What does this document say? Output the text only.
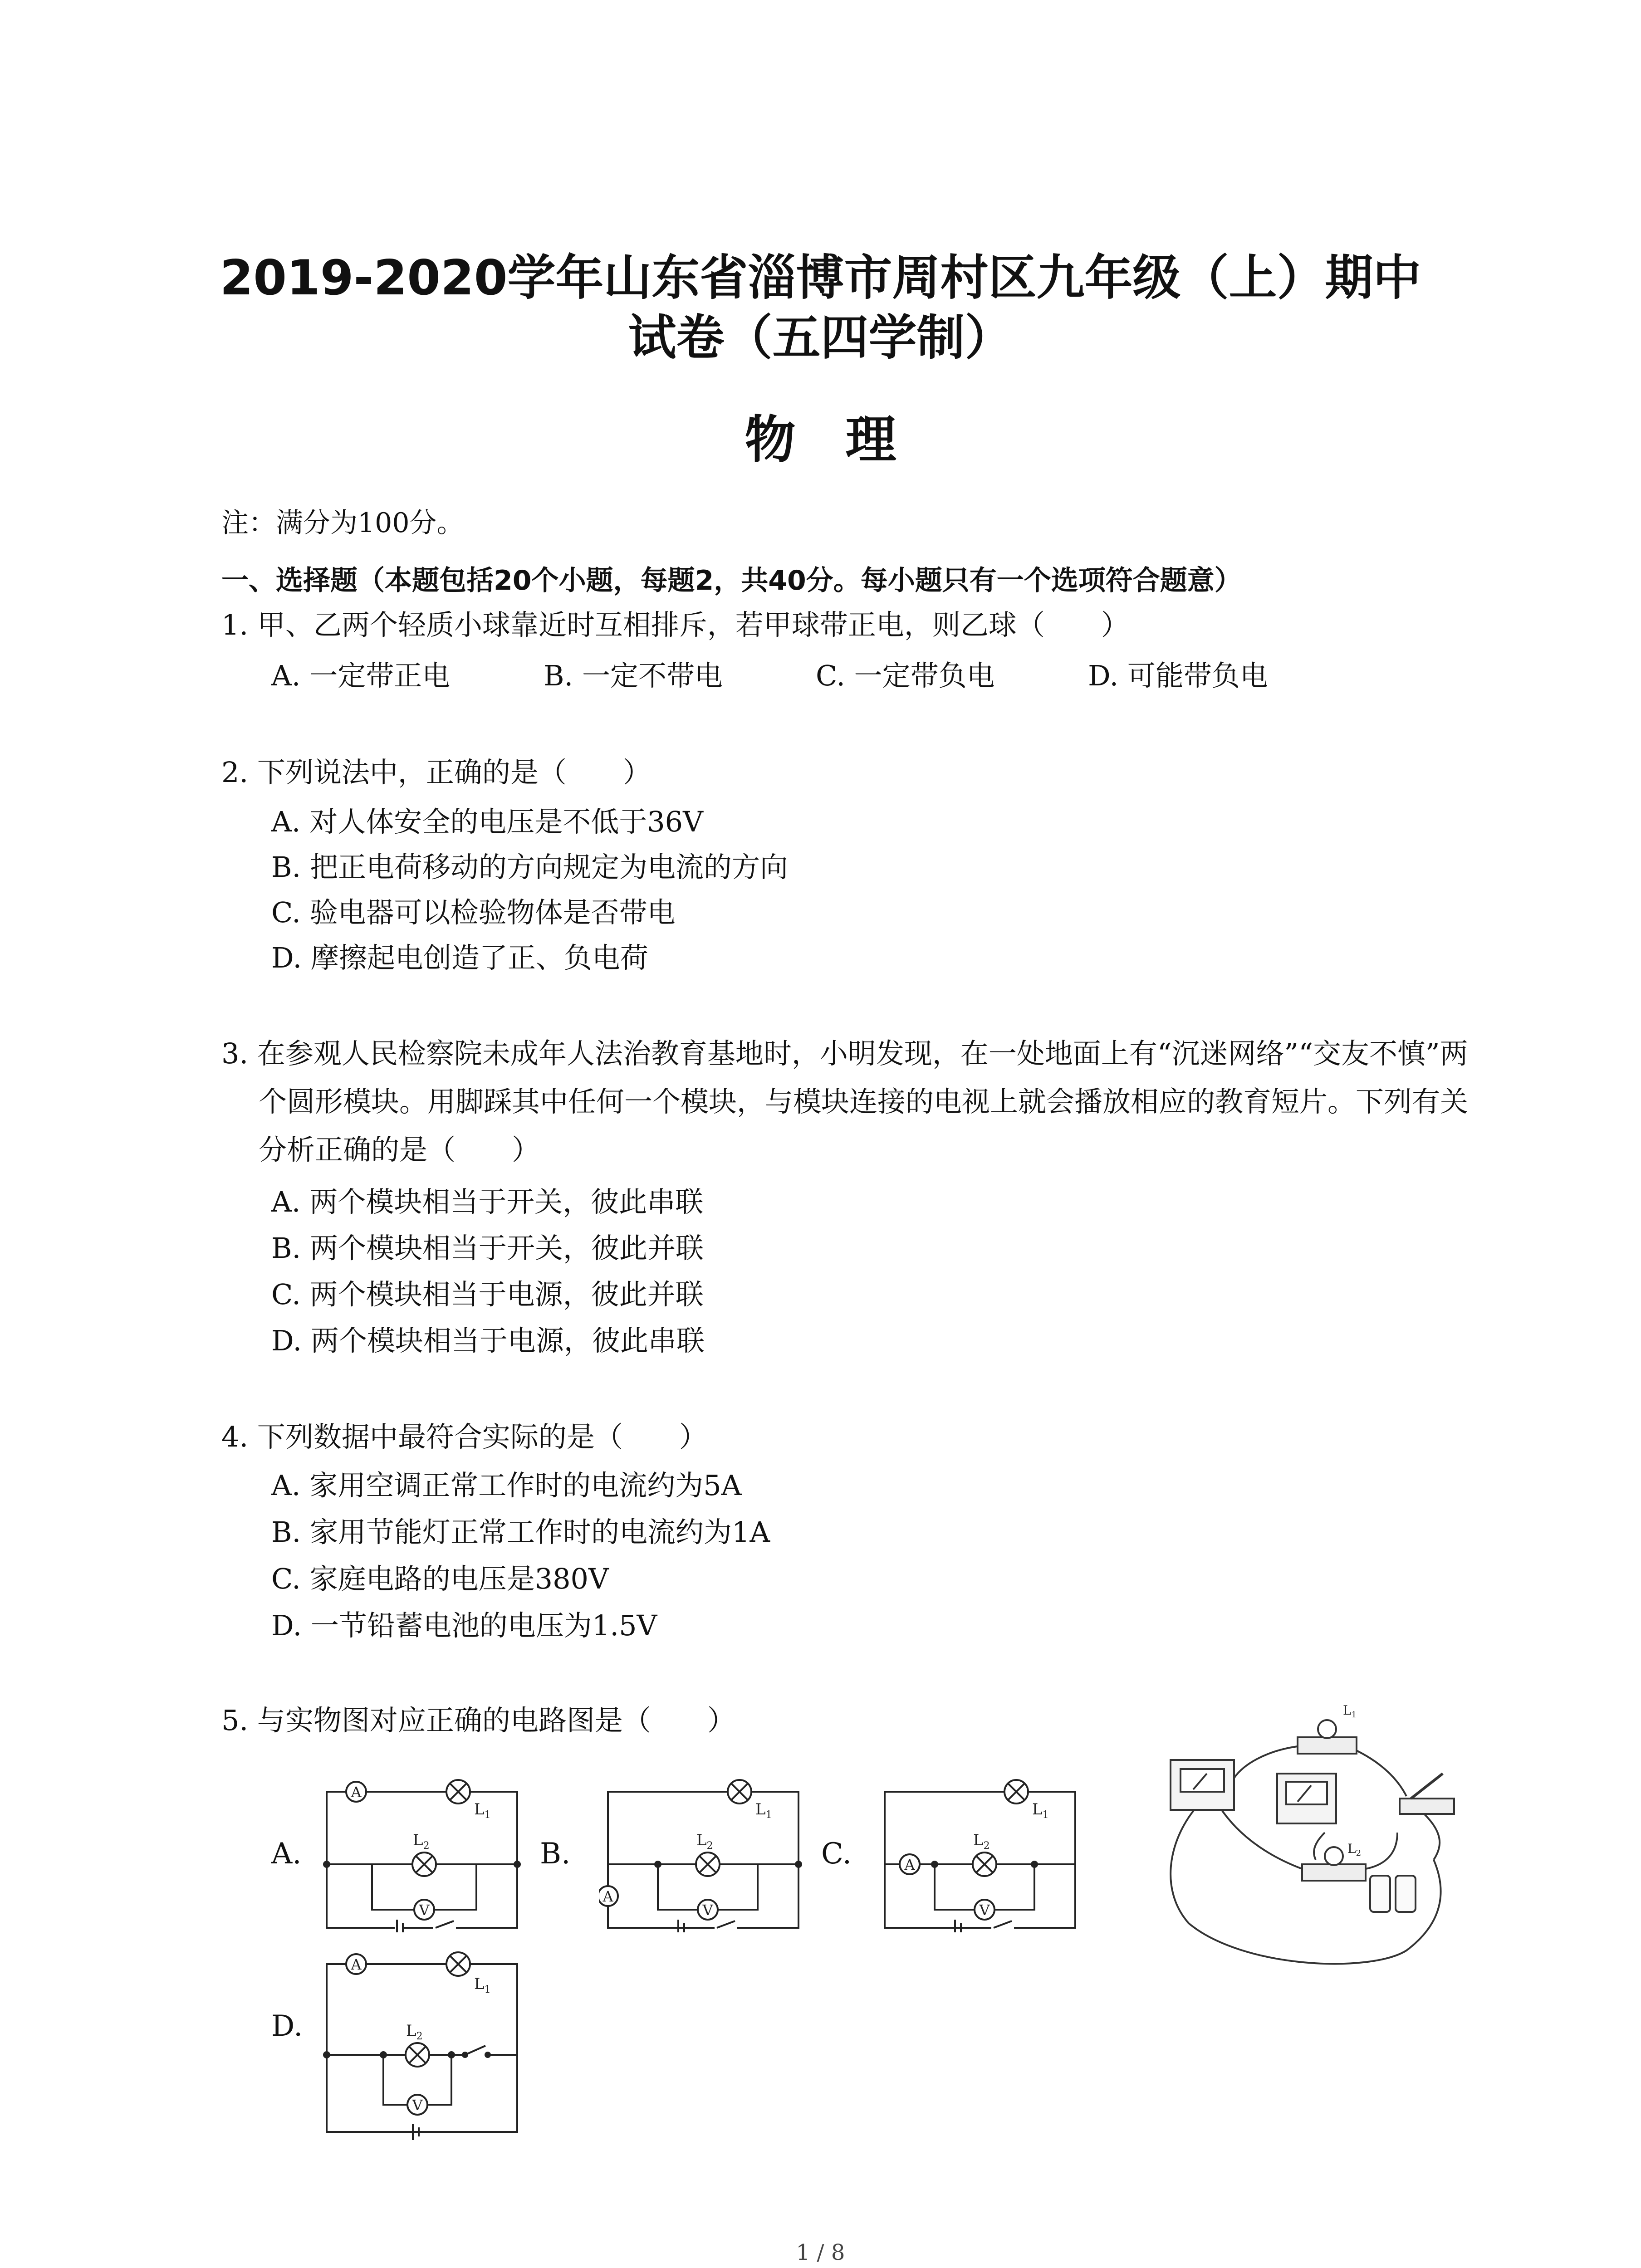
2019-2020学年山东省淄博市周村区九年级（上）期中
试卷（五四学制）
物理
注：满分为100分。
一、选择题（本题包括20个小题，每题2，共40分。每小题只有一个选项符合题意）
1. 甲、乙两个轻质小球靠近时互相排斥，若甲球带正电，则乙球（　　）
A. 一定带正电	B. 一定不带电	C. 一定带负电	D. 可能带负电
2. 下列说法中，正确的是（　　）
A. 对人体安全的电压是不低于36V
B. 把正电荷移动的方向规定为电流的方向
C. 验电器可以检验物体是否带电
D. 摩擦起电创造了正、负电荷
3. 在参观人民检察院未成年人法治教育基地时，小明发现，在一处地面上有“沉迷网络”“交友不慎”两个圆形模块。用脚踩其中任何一个模块，与模块连接的电视上就会播放相应的教育短片。下列有关分析正确的是（　　）
A. 两个模块相当于开关，彼此串联
B. 两个模块相当于开关，彼此并联
C. 两个模块相当于电源，彼此并联
D. 两个模块相当于电源，彼此串联
4. 下列数据中最符合实际的是（　　）
A. 家用空调正常工作时的电流约为5A
B. 家用节能灯正常工作时的电流约为1A
C. 家庭电路的电压是380V
D. 一节铅蓄电池的电压为1.5V
5. 与实物图对应正确的电路图是（　　）
A.	B.	C.
D.
A
V
$L_1$
$L_2$
A
V
$L_1$
$L_2$
A
V
$L_1$
$L_2$
A
V
$L_1$
$L_2$
$L_1$
$L_2$
1 / 8
